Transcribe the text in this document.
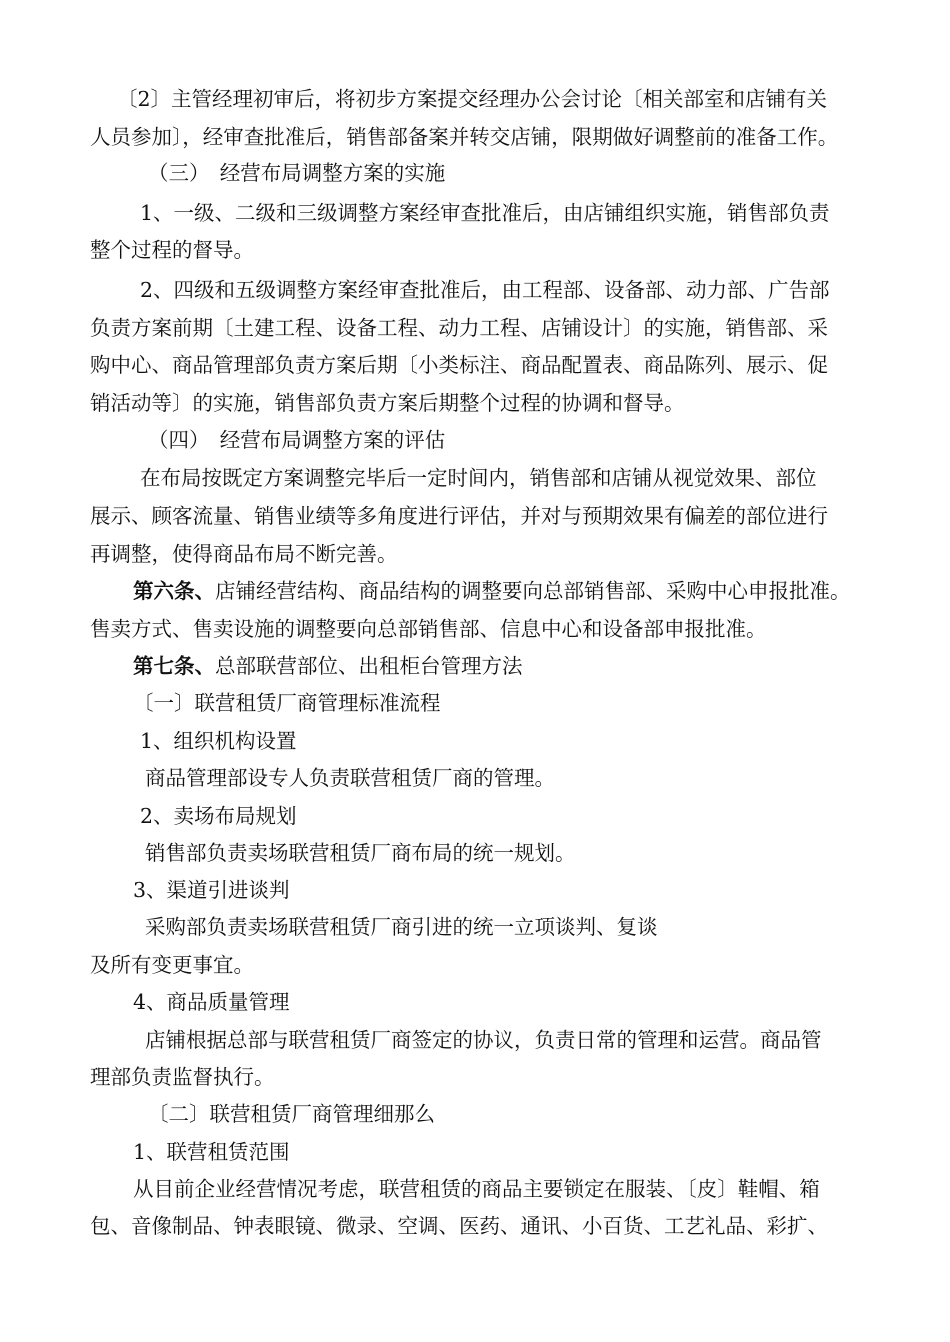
〔2〕主管经理初审后，将初步方案提交经理办公会讨论〔相关部室和店铺有关

人员参加〕，经审查批准后，销售部备案并转交店铺，限期做好调整前的准备工作。

（三）　经营布局调整方案的实施

1、一级、二级和三级调整方案经审查批准后，由店铺组织实施，销售部负责

整个过程的督导。

2、四级和五级调整方案经审查批准后，由工程部、设备部、动力部、广告部

负责方案前期〔土建工程、设备工程、动力工程、店铺设计〕的实施，销售部、采

购中心、商品管理部负责方案后期〔小类标注、商品配置表、商品陈列、展示、促

销活动等〕的实施，销售部负责方案后期整个过程的协调和督导。

（四）　经营布局调整方案的评估

在布局按既定方案调整完毕后一定时间内，销售部和店铺从视觉效果、部位

展示、顾客流量、销售业绩等多角度进行评估，并对与预期效果有偏差的部位进行

再调整，使得商品布局不断完善。

第六条、店铺经营结构、商品结构的调整要向总部销售部、采购中心申报批准。

售卖方式、售卖设施的调整要向总部销售部、信息中心和设备部申报批准。

第七条、总部联营部位、出租柜台管理方法

〔一〕联营租赁厂商管理标准流程

1、组织机构设置

商品管理部设专人负责联营租赁厂商的管理。

2、卖场布局规划

销售部负责卖场联营租赁厂商布局的统一规划。

3、渠道引进谈判

采购部负责卖场联营租赁厂商引进的统一立项谈判、复谈

及所有变更事宜。

4、商品质量管理

店铺根据总部与联营租赁厂商签定的协议，负责日常的管理和运营。商品管

理部负责监督执行。

〔二〕联营租赁厂商管理细那么

1、联营租赁范围

从目前企业经营情况考虑，联营租赁的商品主要锁定在服装、〔皮〕鞋帽、箱

包、音像制品、钟表眼镜、微录、空调、医药、通讯、小百货、工艺礼品、彩扩、
